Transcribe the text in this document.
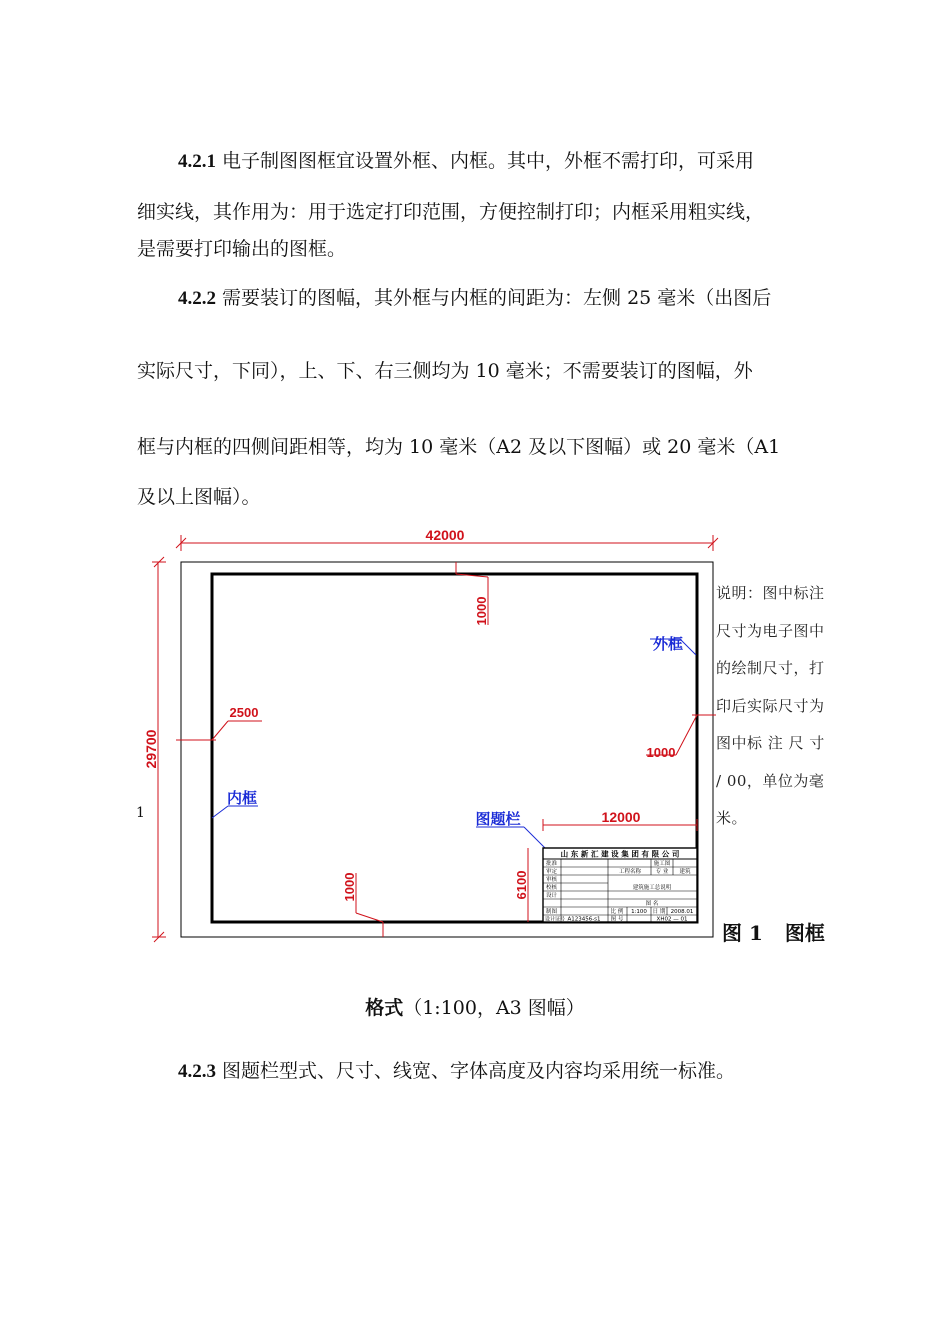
4.2.1 电子制图图框宜设置外框、内框。其中，外框不需打印，可采用
细实线，其作用为：用于选定打印范围，方便控制打印；内框采用粗实线，
是需要打印输出的图框。
4.2.2 需要装订的图幅，其外框与内框的间距为：左侧 25 毫米（出图后
实际尺寸，下同），上、下、右三侧均为 10 毫米；不需要装订的图幅，外
框与内框的四侧间距相等，均为 10 毫米（A2 及以下图幅）或 20 毫米（A1
及以上图幅）。
42000
29700
1000
2500
1000
1000
12000
6100
外框
内框
图题栏
山 东 新 汇 建 设 集 团 有 限 公 司
批准
审定
审核
校核
设计
制图
设计证号
工程名称
施工图
专 业 建筑
建筑施工总说明
图 名
比 例 1:100 日 期 2008.01
A123456-s1 图 号	XH02 — 01
1
说明：图中标注尺寸为电子图中的绘制尺寸，打印后实际尺寸为图中标 注 尺 寸 / 00，单位为毫米。
图 1 图框
格式（1:100，A3 图幅）
4.2.3 图题栏型式、尺寸、线宽、字体高度及内容均采用统一标准。
